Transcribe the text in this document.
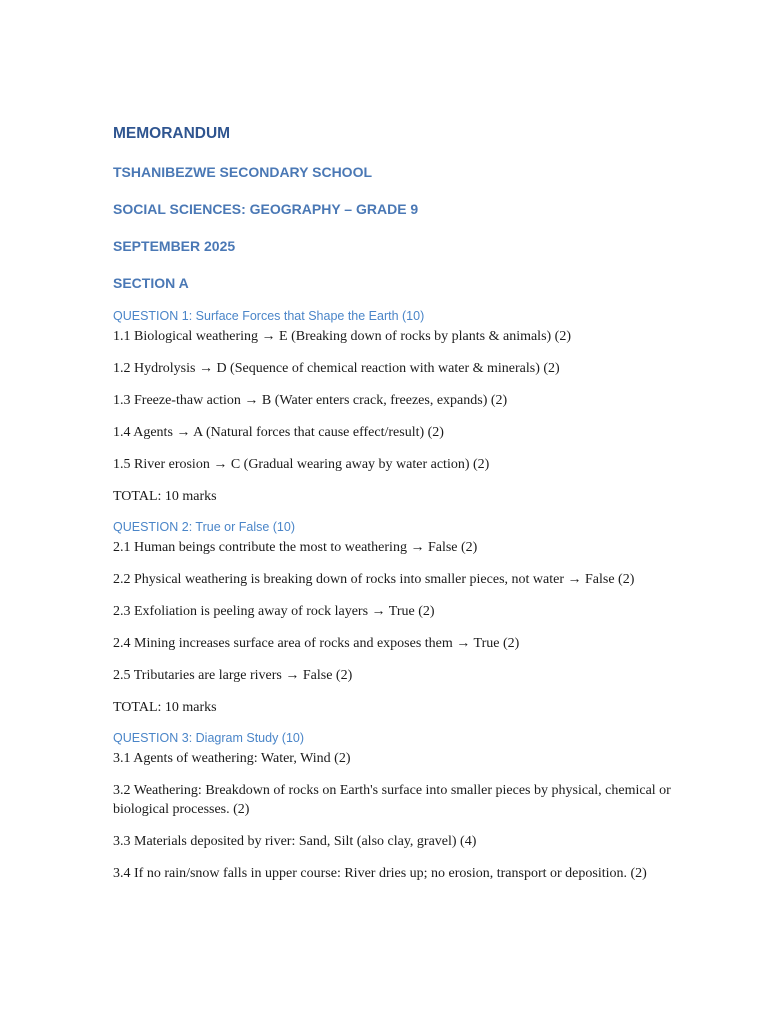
MEMORANDUM
TSHANIBEZWE SECONDARY SCHOOL
SOCIAL SCIENCES: GEOGRAPHY – GRADE 9
SEPTEMBER 2025
SECTION A
QUESTION 1: Surface Forces that Shape the Earth (10)

1.1 Biological weathering → E (Breaking down of rocks by plants & animals) (2)

1.2 Hydrolysis → D (Sequence of chemical reaction with water & minerals) (2)

1.3 Freeze-thaw action → B (Water enters crack, freezes, expands) (2)

1.4 Agents → A (Natural forces that cause effect/result) (2)

1.5 River erosion → C (Gradual wearing away by water action) (2)

TOTAL: 10 marks

QUESTION 2: True or False (10)

2.1 Human beings contribute the most to weathering → False (2)

2.2 Physical weathering is breaking down of rocks into smaller pieces, not water → False (2)

2.3 Exfoliation is peeling away of rock layers → True (2)

2.4 Mining increases surface area of rocks and exposes them → True (2)

2.5 Tributaries are large rivers → False (2)

TOTAL: 10 marks

QUESTION 3: Diagram Study (10)

3.1 Agents of weathering: Water, Wind (2)

3.2 Weathering: Breakdown of rocks on Earth's surface into smaller pieces by physical, chemical or biological processes. (2)

3.3 Materials deposited by river: Sand, Silt (also clay, gravel) (4)

3.4 If no rain/snow falls in upper course: River dries up; no erosion, transport or deposition. (2)
